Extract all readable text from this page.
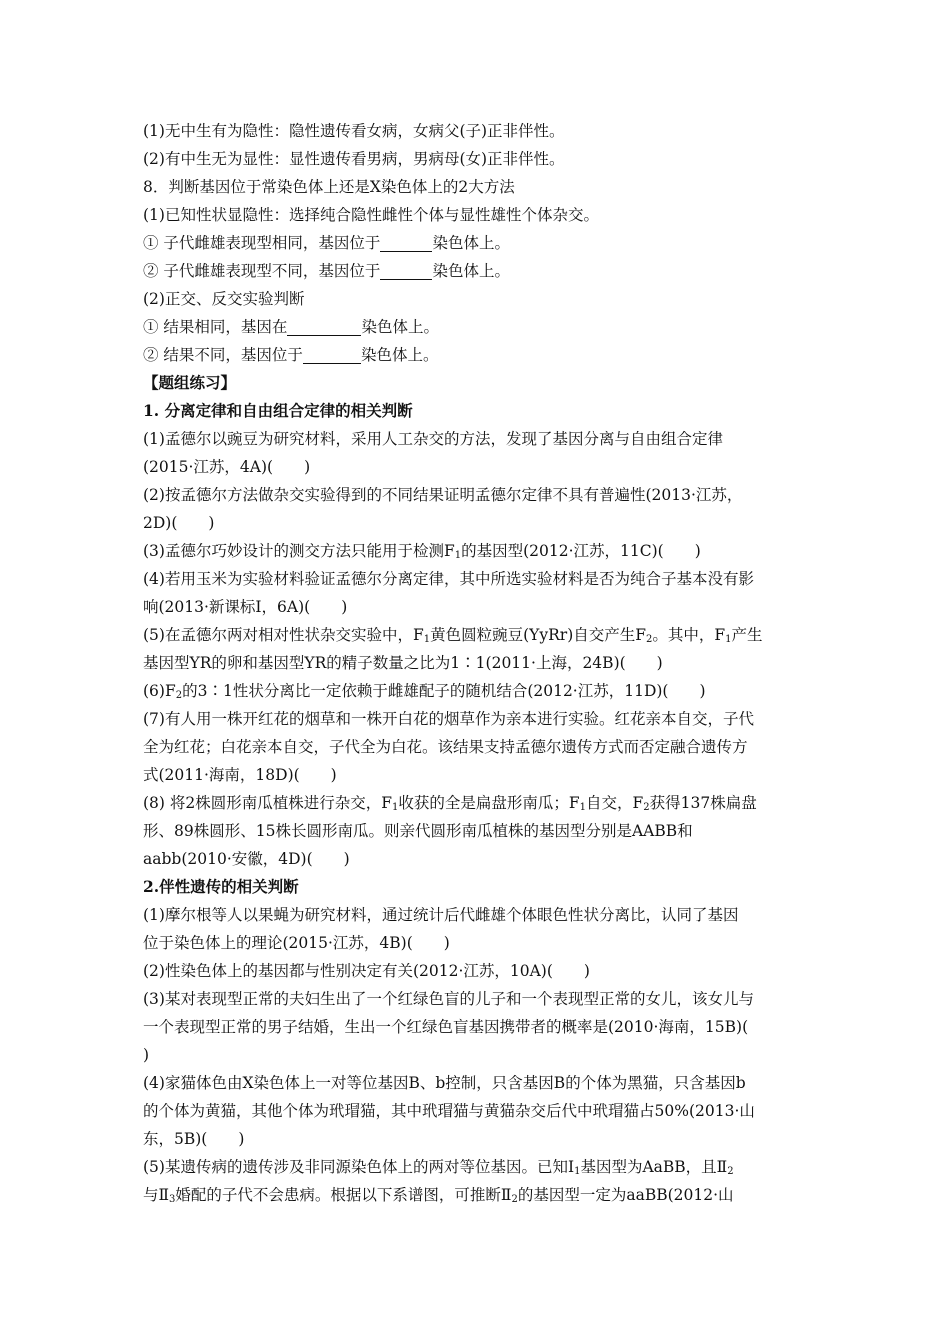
(1)无中生有为隐性：隐性遗传看女病，女病父(子)正非伴性。
(2)有中生无为显性：显性遗传看男病，男病母(女)正非伴性。
8．判断基因位于常染色体上还是X染色体上的2大方法
(1)已知性状显隐性：选择纯合隐性雌性个体与显性雄性个体杂交。
① 子代雌雄表现型相同，基因位于	染色体上。
② 子代雌雄表现型不同，基因位于	染色体上。
(2)正交、反交实验判断
① 结果相同，基因在	染色体上。
② 结果不同，基因位于	染色体上。
【题组练习】
1. 分离定律和自由组合定律的相关判断
(1)孟德尔以豌豆为研究材料，采用人工杂交的方法，发现了基因分离与自由组合定律
(2015·江苏，4A)(　　)
(2)按孟德尔方法做杂交实验得到的不同结果证明孟德尔定律不具有普遍性(2013·江苏，
2D)(　　)
(3)孟德尔巧妙设计的测交方法只能用于检测$F_1$的基因型(2012·江苏，11C)(　　)
(4)若用玉米为实验材料验证孟德尔分离定律，其中所选实验材料是否为纯合子基本没有影
响(2013·新课标Ⅰ，6A)(　　)
(5)在孟德尔两对相对性状杂交实验中，$F_1$黄色圆粒豌豆(YyRr)自交产生$F_2$。其中，$F_1$产生
基因型YR的卵和基因型YR的精子数量之比为1∶1(2011·上海，24B)(　　)
$(6)F_2$的3∶1性状分离比一定依赖于雌雄配子的随机结合(2012·江苏，11D)(　　)
(7)有人用一株开红花的烟草和一株开白花的烟草作为亲本进行实验。红花亲本自交，子代
全为红花；白花亲本自交，子代全为白花。该结果支持孟德尔遗传方式而否定融合遗传方
式(2011·海南，18D)(　　)
(8) 将2株圆形南瓜植株进行杂交，$F_1$收获的全是扁盘形南瓜；$F_1$自交，$F_2$获得137株扁盘
形、89株圆形、15株长圆形南瓜。则亲代圆形南瓜植株的基因型分别是AABB和
aabb(2010·安徽，4D)(　　)
2.伴性遗传的相关判断
(1)摩尔根等人以果蝇为研究材料，通过统计后代雌雄个体眼色性状分离比，认同了基因
位于染色体上的理论(2015·江苏，4B)(　　)
(2)性染色体上的基因都与性别决定有关(2012·江苏，10A)(　　)
(3)某对表现型正常的夫妇生出了一个红绿色盲的儿子和一个表现型正常的女儿，该女儿与
一个表现型正常的男子结婚，生出一个红绿色盲基因携带者的概率是(2010·海南，15B)(
)
(4)家猫体色由X染色体上一对等位基因B、b控制，只含基因B的个体为黑猫，只含基因b
的个体为黄猫，其他个体为玳瑁猫，其中玳瑁猫与黄猫杂交后代中玳瑁猫占50%(2013·山
东，5B)(　　)
(5)某遗传病的遗传涉及非同源染色体上的两对等位基因。已知$Ⅰ_1$基因型为AaBB，且$Ⅱ_2$
与$Ⅱ_3$婚配的子代不会患病。根据以下系谱图，可推断$Ⅱ_2$的基因型一定为aaBB(2012·山
